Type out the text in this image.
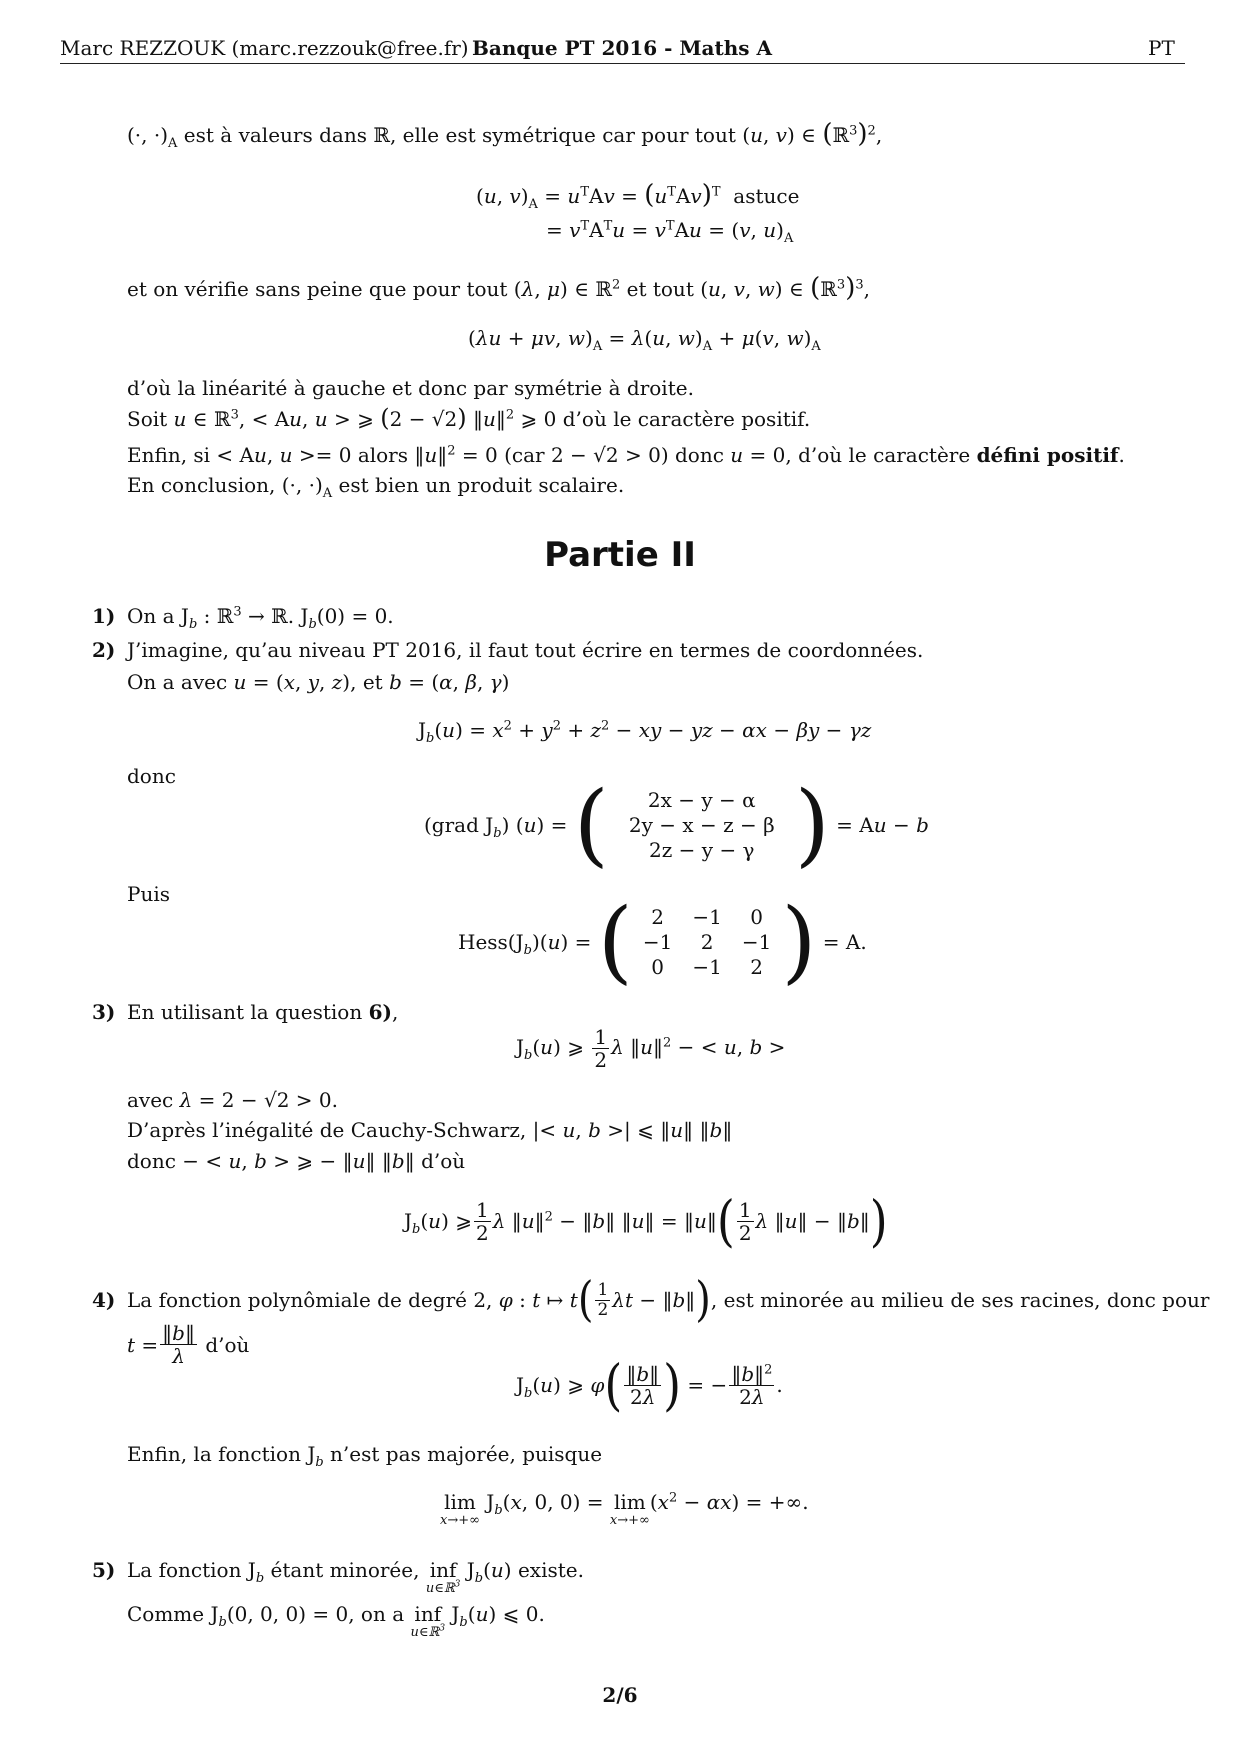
Marc REZZOUK (marc.rezzouk@free.fr) Banque PT 2016 - Maths A	PT
(·, $\cdot)_A$ est à valeurs dans ℝ, elle est symétrique car pour tout (u, v) ∈ (ℝ$^3$)$^2$,
(u, $v)_A = u^TAv = (u^TAv)^T$ astuce
= $v^TA^Tu = v^TAu = (v$, $u)_A$
et on vérifie sans peine que pour tout (λ, μ) ∈ ℝ$^2$ et tout (u, v, w) ∈ (ℝ$^3$)$^3$,
(λu + μv, $w)_A = \lambda(u$, $w)_A + \mu(v$, $w)_A$
d’où la linéarité à gauche et donc par symétrie à droite.
Soit u ∈ ℝ$^3$, < Au, u > ⩾ (2 − √2) ‖u‖$^2$ ⩾ 0 d’où le caractère positif.
Enfin, si < Au, u >= 0 alors ‖u‖$^2$ = 0 (car 2 − √2 > 0) donc u = 0, d’où le caractère défini positif.
En conclusion, (·, $\cdot)_A$ est bien un produit scalaire.
Partie II
1) On a $J_b$ : ℝ$^3$ → ℝ. $J_b(0) = 0$.
2) J’imagine, qu’au niveau PT 2016, il faut tout écrire en termes de coordonnées.
On a avec u = (x, y, z), et b = (α, β, γ)
$J_b(u) = x^2 + y^2 + z^2$ − xy − yz − αx − βy − γz
donc
(grad $J_b$) (u) = (	2x − y − α
2y − x − z − β
2z − y − γ ) = Au − b
Puis
$Hess(J_b)(u)$ = ( 2	−1	0
−1	2	−1
0	−1	2 ) = A.
3) En utilisant la question 6),
$J_b(u)$ ⩾ $\frac{1}{2}$ λ ‖u‖$^2$ − < u, b >
avec λ = 2 − √2 > 0.
D’après l’inégalité de Cauchy-Schwarz, |< u, b >| ⩽ ‖u‖ ‖b‖
donc − < u, b > ⩾ − ‖u‖ ‖b‖ d’où
$J_b(u)$ ⩾ $\frac{1}{2}$ λ ‖u‖$^2$ − ‖b‖ ‖u‖ = ‖u‖ ( $\frac{1}{2}$ λ ‖u‖ − ‖b‖ )
4) La fonction polynômiale de degré 2, φ : t ↦ t ( $\frac{1}{2}$ λt − ‖b‖ ) , est minorée au milieu de ses racines, donc pour
$t = \frac{‖b‖}{\lambda}$ d’où
$J_b(u)$ ⩾ φ ( $\frac{‖b‖}{2\lambda}$ ) = − $\frac{‖b‖^2}{2\lambda}$ .
Enfin, la fonction $J_b$ n’est pas majorée, puisque
lim
x→+∞
$J_b(x$, 0, 0) = lim
x→+∞
$(x^2 - \alpha x)$ = +∞.
5) La fonction $J_b$ étant minorée, inf
u∈ℝ$^3$
$J_b(u)$ existe.
Comme $J_b(0$, 0, 0) = 0, on a inf
u∈ℝ$^3$
$J_b(u)$ ⩽ 0.
2/6
